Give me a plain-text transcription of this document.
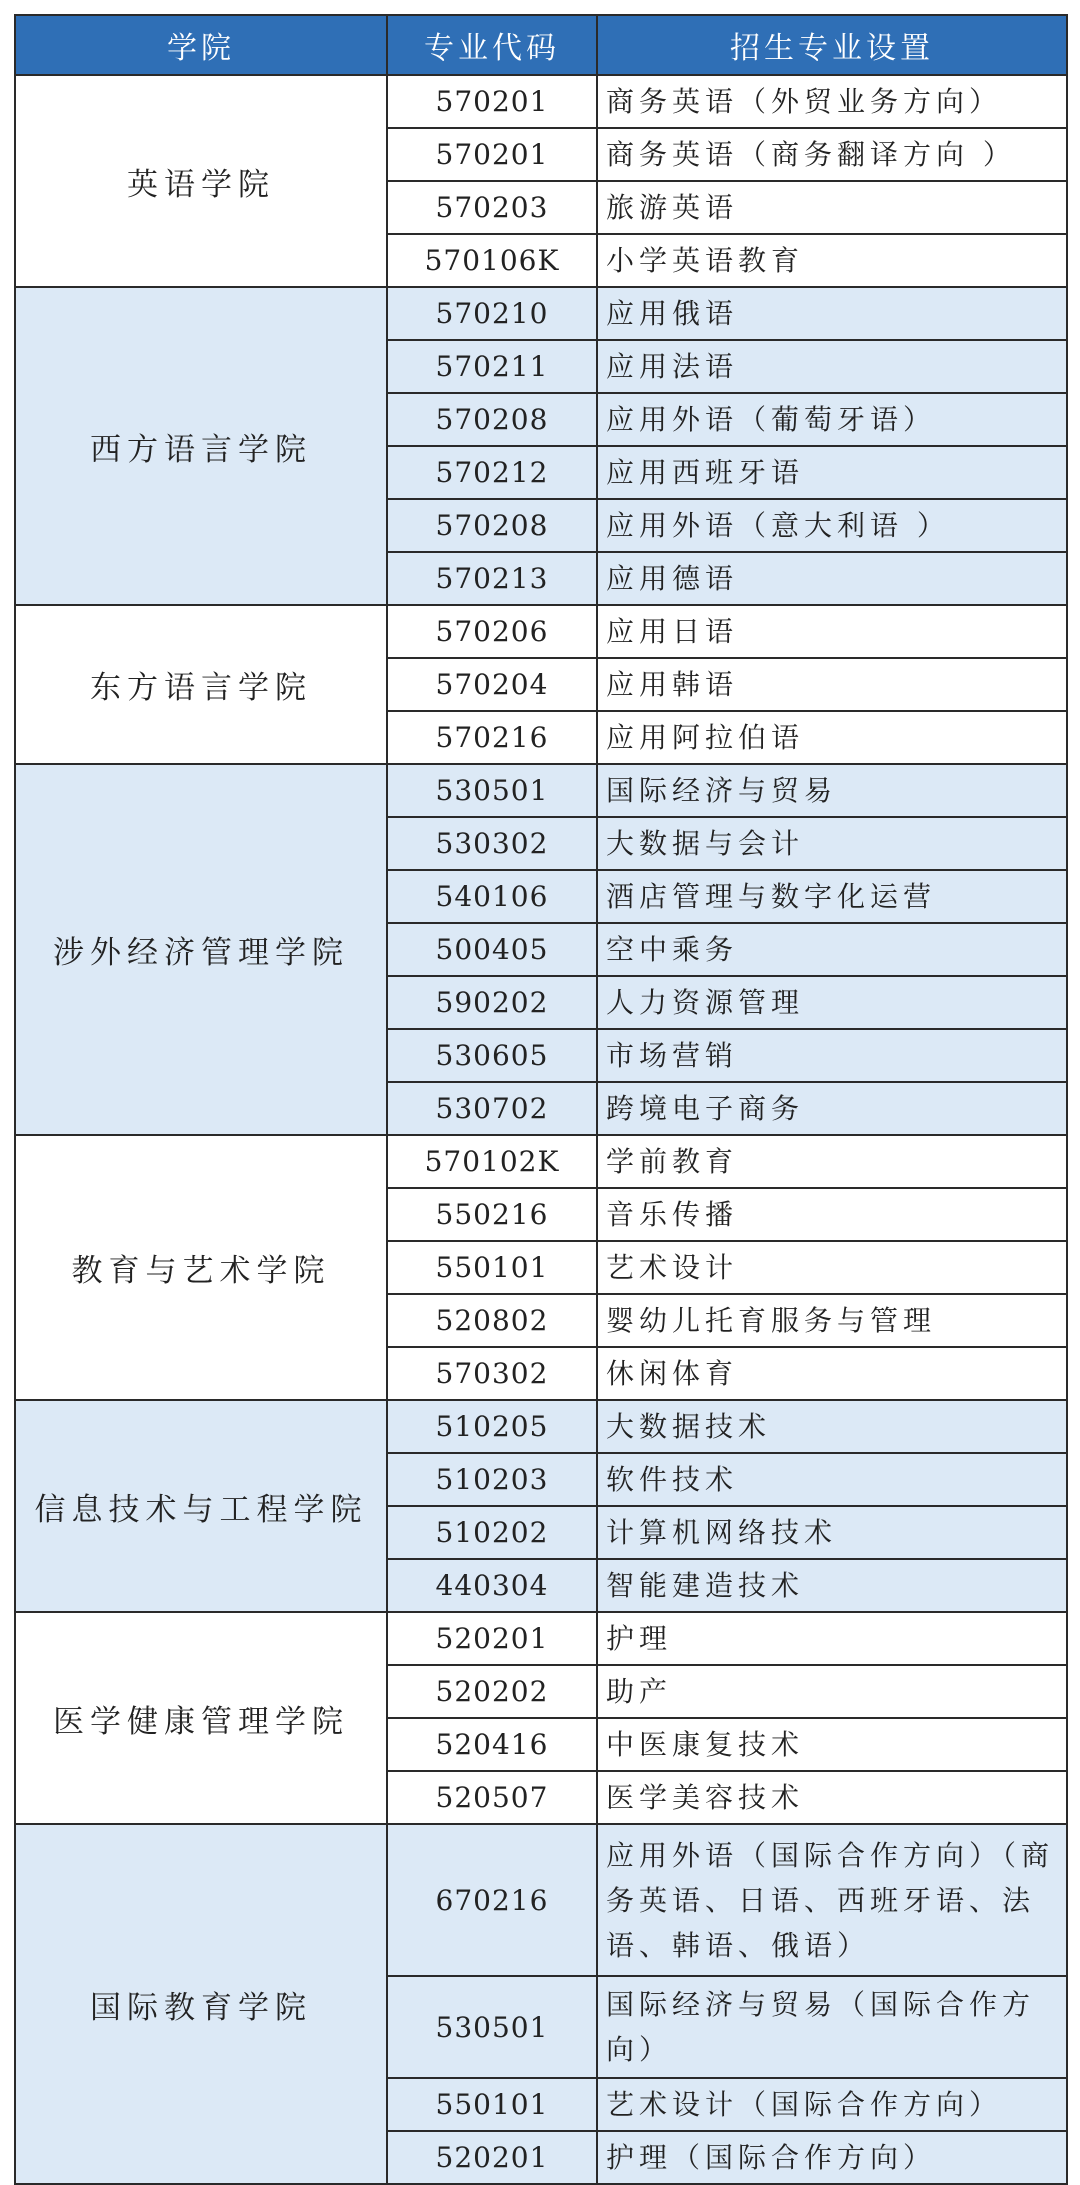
学院	专业代码	招生专业设置
英语学院	570201	商务英语（外贸业务方向）
	570201	商务英语（商务翻译方向 ）
	570203	旅游英语
	570106K	小学英语教育
西方语言学院	570210	应用俄语
	570211	应用法语
	570208	应用外语（葡萄牙语）
	570212	应用西班牙语
	570208	应用外语（意大利语 ）
	570213	应用德语
东方语言学院	570206	应用日语
	570204	应用韩语
	570216	应用阿拉伯语
涉外经济管理学院	530501	国际经济与贸易
	530302	大数据与会计
	540106	酒店管理与数字化运营
	500405	空中乘务
	590202	人力资源管理
	530605	市场营销
	530702	跨境电子商务
教育与艺术学院	570102K	学前教育
	550216	音乐传播
	550101	艺术设计
	520802	婴幼儿托育服务与管理
	570302	休闲体育
信息技术与工程学院	510205	大数据技术
	510203	软件技术
	510202	计算机网络技术
	440304	智能建造技术
医学健康管理学院	520201	护理
	520202	助产
	520416	中医康复技术
	520507	医学美容技术
国际教育学院	670216	应用外语（国际合作方向）（商务英语、日语、西班牙语、法语、韩语、俄语）
	530501	国际经济与贸易（国际合作方向）
	550101	艺术设计（国际合作方向）
	520201	护理（国际合作方向）
